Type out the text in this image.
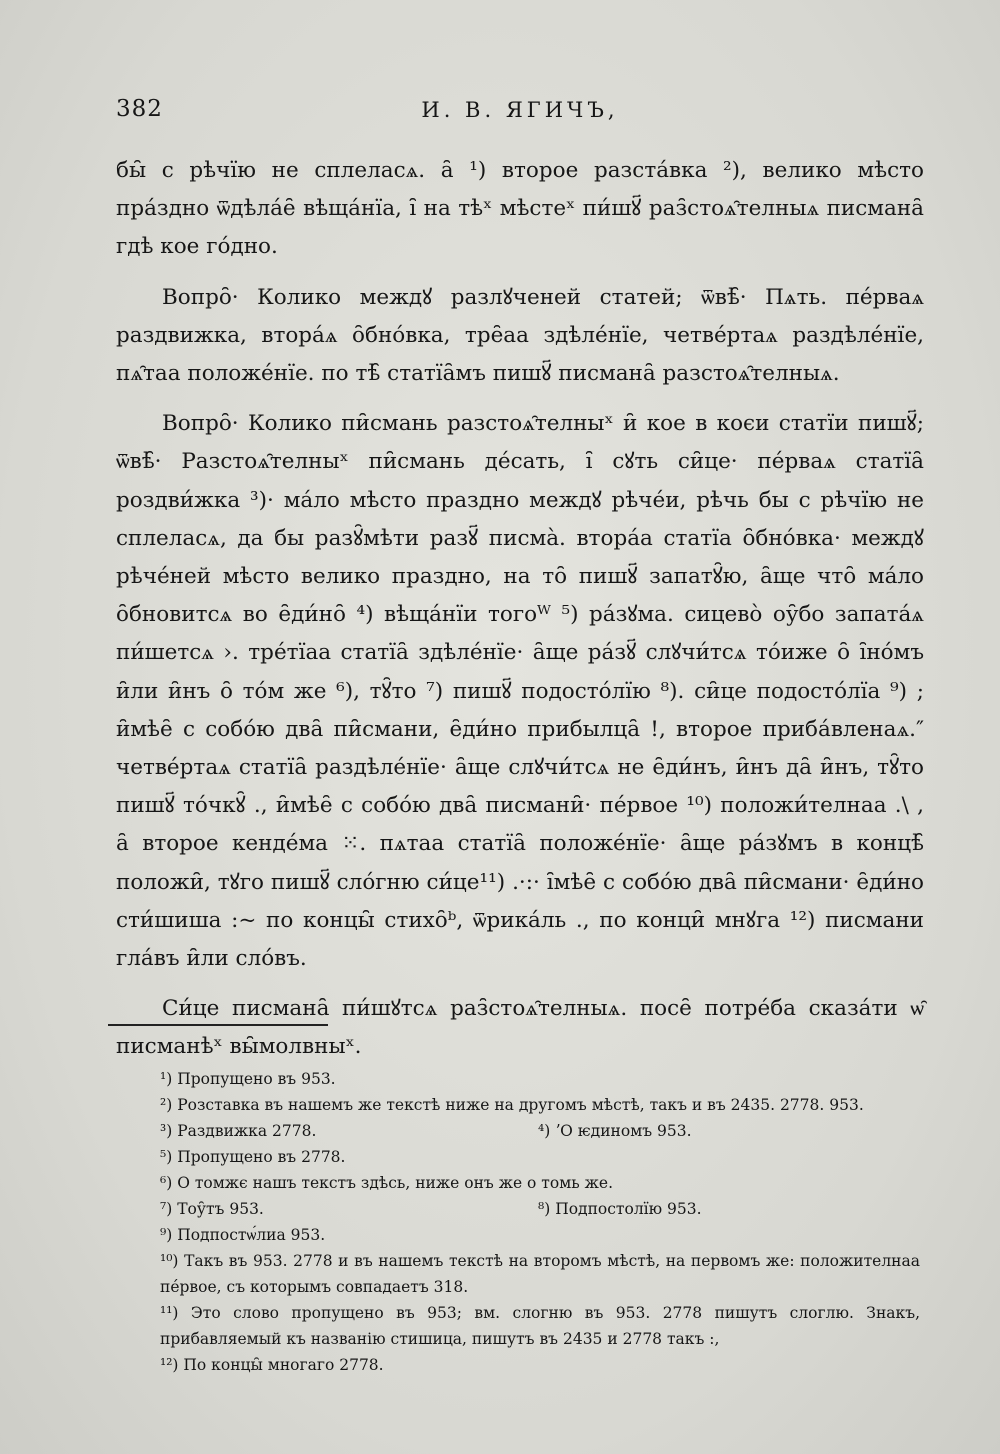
382	И. В. ЯГИЧЪ,

бы̑ с рѣчїю не сплеласѧ. а̑ ¹) второе разстáвка ²), велико мѣсто прáзднο ѿдѣлáе̑ вѣщáнїа, і̑ на тѣˣ мѣстеˣ пи́шꙋ҃ раз̑стоѧ̑телныѧ писмана̑ гдѣ кое гóдно.

Вопро̑· Колико междꙋ разлꙋченей статей; ѿвѣ̑· Пѧть. пéрваѧ раздвижка, вторáѧ о̑бнóвка, тре̑аа здѣлéнїе, четвéртаѧ раздѣлéнїе, пѧ̑таа положéнїе. по тѣ̑ статїа̑мъ пишꙋ҃ писмана̑ разстоѧ̑телныѧ.

Вопро̑· Колико пи̑смань разстоѧ̑телныˣ и̑ кое в коєи статїи пишꙋ҃; ѿвѣ̑· Разстоѧ̑телныˣ пи̑смань дéсать, і̑ сꙋть си̑це· пéрваѧ статїа̑ роздви́жка ³)· мáло мѣсто праздно междꙋ рѣчéи, рѣчь бы с рѣчїю не сплеласѧ, да бы разꙋ̑мѣти разꙋ҃ писма̀. вторáа статїа о̑бнóвка· междꙋ рѣчéней мѣсто велико праздно, на то̑ пишꙋ҃ запатꙋ̑ю, а̑ще что̑ мáло о̑бновитсѧ во е̑ди́но̑ ⁴) вѣщáнїи тогоᵂ ⁵) рáзꙋма. сицево̀ оу̑бо запатáѧ пи́шетсѧ ›. трéтїаа статїа̑ здѣлéнїе· а̑ще рáзꙋ҃ слꙋчи́тсѧ тóиже о̑ і̑нóмъ и̑ли и̑нъ о̑ тóм же ⁶), тꙋ̑то ⁷) пишꙋ҃ подостóлїю ⁸). си̑це подостóлїа ⁹) ; и̑мѣе̑ с собóю два̑ пи̑смани, е̑ди́но прибылца̑ !, второе прибáвленаѧ.″ четвéртаѧ статїа̑ раздѣлéнїе· а̑ще слꙋчи́тсѧ не е̑ди́нъ, и̑нъ да̑ и̑нъ, тꙋ̑то пишꙋ҃ тóчкꙋ̑ ., и̑мѣе̑ с собóю два̑ писмани̑· пéрвое ¹⁰) положи́телнаа .\ , а̑ второе кендéма ⁙. пѧтаа статїа̑ положéнїе· а̑ще рáзꙋмъ в концѣ̑ положи̑, тꙋго пишꙋ҃ слóгню си́це¹¹) .·:· і̑мѣе̑ с собóю два̑ пи̑смани· е̑ди́но сти́шиша :~ по концы̑ стихо̑ᵇ, ѿрикáль ., по конци̑ мнꙋга ¹²) писмани глáвъ и̑ли слóвъ.

Си́це писмана̑ пи́шꙋтсѧ раз̑стоѧ̑телныѧ. посе̑ потрéба сказáти ѡ̑ писманѣˣ вы̑молвныˣ.

¹) Пропущено въ 953.
²) Розставка въ нашемъ же текстѣ ниже на другомъ мѣстѣ, такъ и въ 2435. 2778. 953.
³) Раздвижка 2778.	⁴) ʼО ѥдиномъ 953.
⁵) Пропущено въ 2778.
⁶) О томжє нашъ текстъ здѣсь, ниже онъ же о томь же.
⁷) Тоу̑тъ 953.	⁸) Подпостолїю 953.
⁹) Подпостѡ́лиа 953.
¹⁰) Такъ въ 953. 2778 и въ нашемъ текстѣ на второмъ мѣстѣ, на первомъ же: положителнаа пéрвое, съ которымъ совпадаетъ 318.
¹¹) Это слово пропущено въ 953; вм. слогню въ 953. 2778 пишутъ слоглю. Знакъ, прибавляемый къ названію стишица, пишутъ въ 2435 и 2778 такъ :,
¹²) По концы̑ многаго 2778.
